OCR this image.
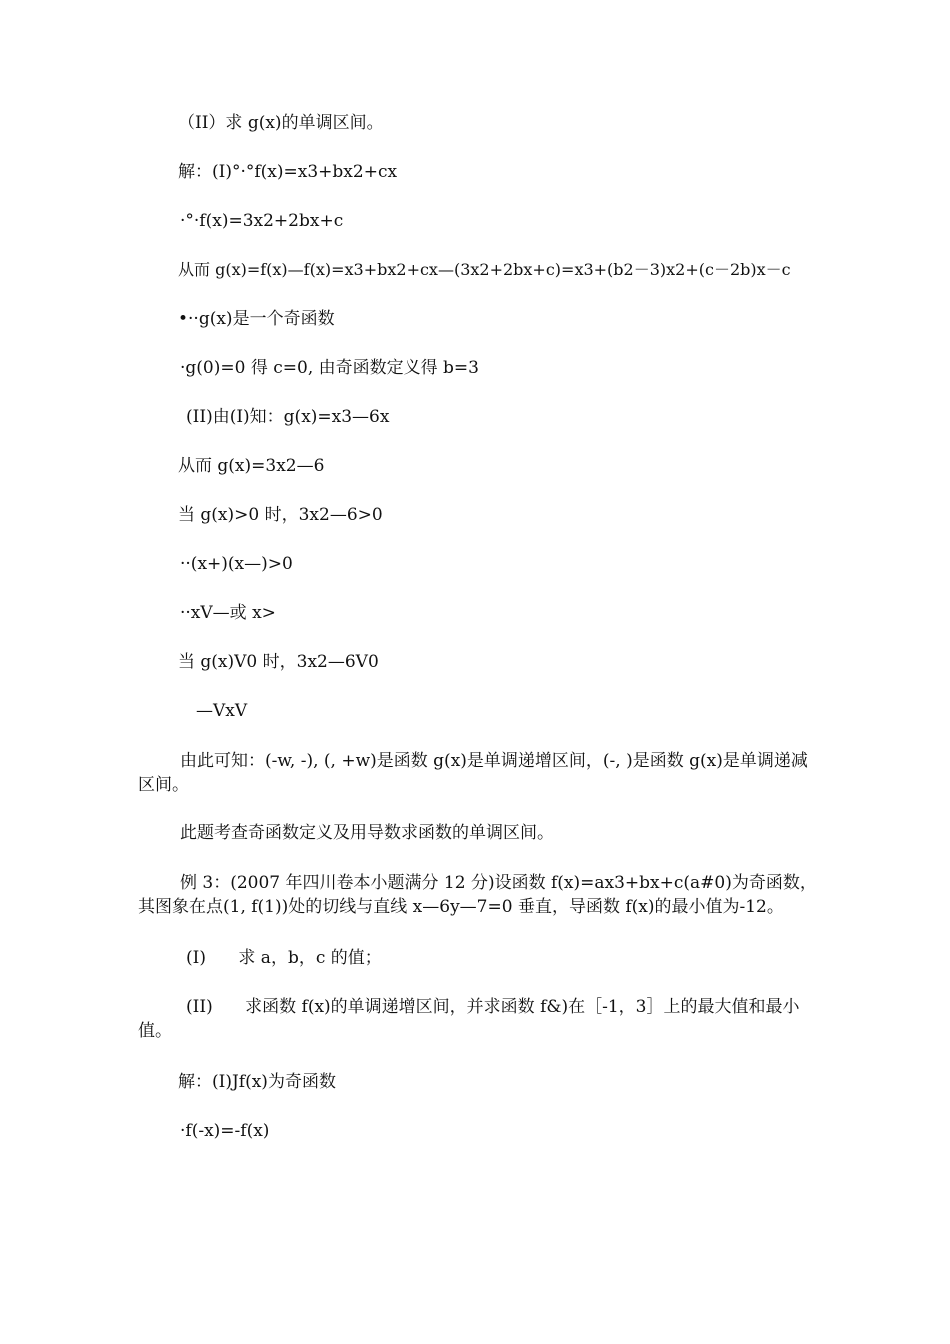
（II）求 g(x)的单调区间。
解：(I)°·°f(x)=x3+bx2+cx
·°·f(x)=3x2+2bx+c
从而 g(x)=f(x)—f(x)=x3+bx2+cx—(3x2+2bx+c)=x3+(b2－3)x2+(c－2b)x－c
•··g(x)是一个奇函数
·g(0)=0 得 c=0, 由奇函数定义得 b=3
(II)由(I)知：g(x)=x3—6x
从而 g(x)=3x2—6
当 g(x)>0 时，3x2—6>0
··(x+)(x—)>0
··xV—或 x>
当 g(x)V0 时，3x2—6V0
—VxV
由此可知：(-w, -), (, +w)是函数 g(x)是单调递增区间，(-, )是函数 g(x)是单调递减区间。
此题考查奇函数定义及用导数求函数的单调区间。
例 3：(2007 年四川卷本小题满分 12 分)设函数 f(x)=ax3+bx+c(a#0)为奇函数，其图象在点(1, f(1))处的切线与直线 x—6y—7=0 垂直，导函数 f(x)的最小值为-12。
(I)      求 a，b，c 的值；
(II)      求函数 f(x)的单调递增区间，并求函数 f&)在［-1，3］上的最大值和最小值。
解：(I)Jf(x)为奇函数
·f(-x)=-f(x)
